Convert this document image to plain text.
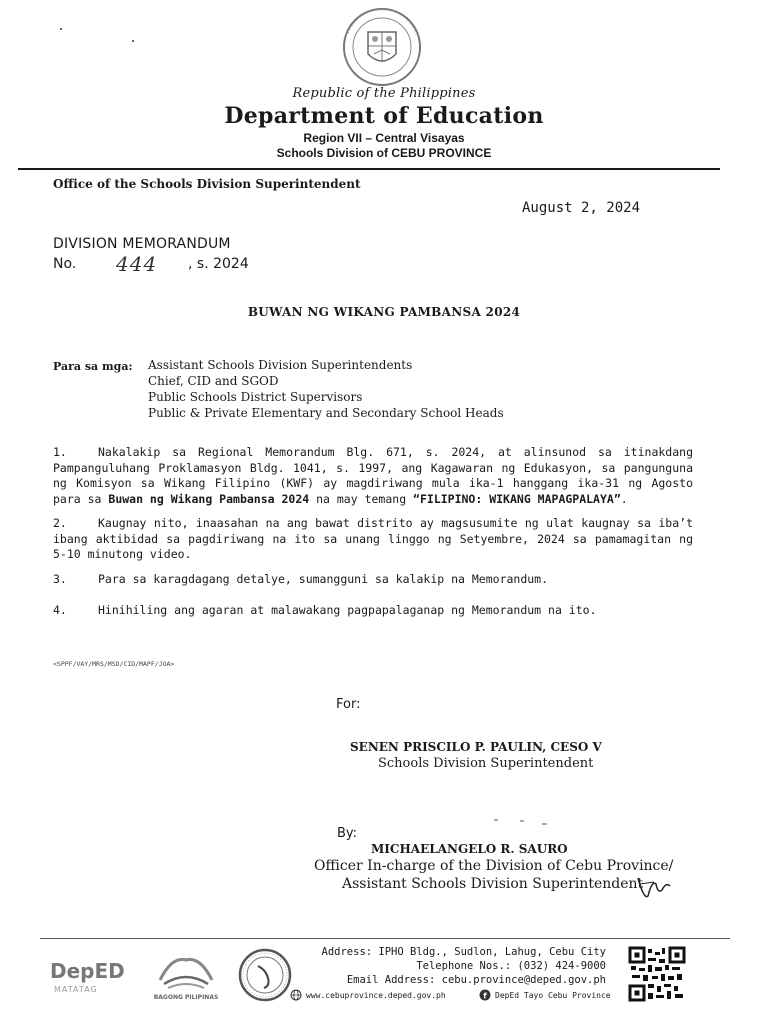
Republic of the Philippines
Department of Education
Region VII – Central Visayas
Schools Division of CEBU PROVINCE
Office of the Schools Division Superintendent
August 2, 2024
DIVISION MEMORANDUM
No. 444 , s. 2024
BUWAN NG WIKANG PAMBANSA 2024
Para sa mga: Assistant Schools Division Superintendents
Chief, CID and SGOD
Public Schools District Supervisors
Public & Private Elementary and Secondary School Heads
1.	Nakalakip sa Regional Memorandum Blg. 671, s. 2024, at alinsunod sa itinakdang Pampanguluhang Proklamasyon Bldg. 1041, s. 1997, ang Kagawaran ng Edukasyon, sa pangunguna ng Komisyon sa Wikang Filipino (KWF) ay magdiriwang mula ika-1 hanggang ika-31 ng Agosto para sa Buwan ng Wikang Pambansa 2024 na may temang “FILIPINO: WIKANG MAPAGPALAYA”.
2.	Kaugnay nito, inaasahan na ang bawat distrito ay magsusumite ng ulat kaugnay sa iba’t ibang aktibidad sa pagdiriwang na ito sa unang linggo ng Setyembre, 2024 sa pamamagitan ng 5-10 minutong video.
3.	Para sa karagdagang detalye, sumangguni sa kalakip na Memorandum.
4.	Hinihiling ang agaran at malawakang pagpapalaganap ng Memorandum na ito.
<SPPF/VAY/MRS/MSD/CID/MAPF/JOA>
For:
SENEN PRISCILO P. PAULIN, CESO V
Schools Division Superintendent
By:
MICHAELANGELO R. SAURO
Officer In-charge of the Division of Cebu Province/
Assistant Schools Division Superintendent
DepED
MATATAG
BAGONG PILIPINAS
Address: IPHO Bldg., Sudlon, Lahug, Cebu City
Telephone Nos.: (032) 424-9000
Email Address: cebu.province@deped.gov.ph
www.cebuprovince.deped.gov.ph	f DepEd Tayo Cebu Province
